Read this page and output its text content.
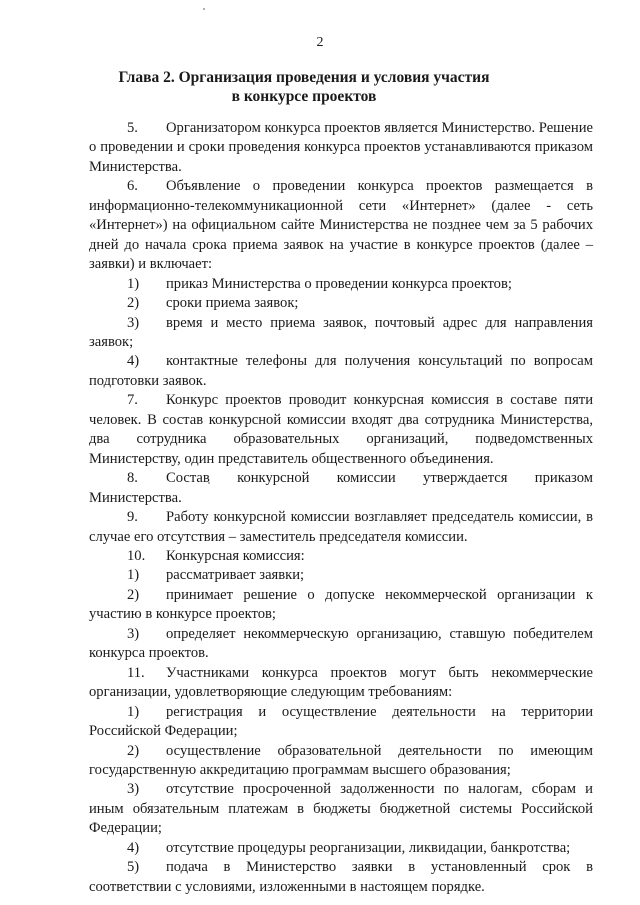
2
Глава 2. Организация проведения и условия участия в конкурсе проектов

5. Организатором конкурса проектов является Министерство. Решение о проведении и сроки проведения конкурса проектов устанавливаются приказом Министерства.

6. Объявление о проведении конкурса проектов размещается в информационно-телекоммуникационной сети «Интернет» (далее - сеть «Интернет») на официальном сайте Министерства не позднее чем за 5 рабочих дней до начала срока приема заявок на участие в конкурсе проектов (далее – заявки) и включает:

1) приказ Министерства о проведении конкурса проектов;

2) сроки приема заявок;

3) время и место приема заявок, почтовый адрес для направления заявок;

4) контактные телефоны для получения консультаций по вопросам подготовки заявок.

7. Конкурс проектов проводит конкурсная комиссия в составе пяти человек. В состав конкурсной комиссии входят два сотрудника Министерства, два сотрудника образовательных организаций, подведомственных Министерству, один представитель общественного объединения.

8. Состав конкурсной комиссии утверждается приказом Министерства.

9. Работу конкурсной комиссии возглавляет председатель комиссии, в случае его отсутствия – заместитель председателя комиссии.

10. Конкурсная комиссия:

1) рассматривает заявки;

2) принимает решение о допуске некоммерческой организации к участию в конкурсе проектов;

3) определяет некоммерческую организацию, ставшую победителем конкурса проектов.

11. Участниками конкурса проектов могут быть некоммерческие организации, удовлетворяющие следующим требованиям:

1) регистрация и осуществление деятельности на территории Российской Федерации;

2) осуществление образовательной деятельности по имеющим государственную аккредитацию программам высшего образования;

3) отсутствие просроченной задолженности по налогам, сборам и иным обязательным платежам в бюджеты бюджетной системы Российской Федерации;

4) отсутствие процедуры реорганизации, ликвидации, банкротства;

5) подача в Министерство заявки в установленный срок в соответствии с условиями, изложенными в настоящем порядке.
